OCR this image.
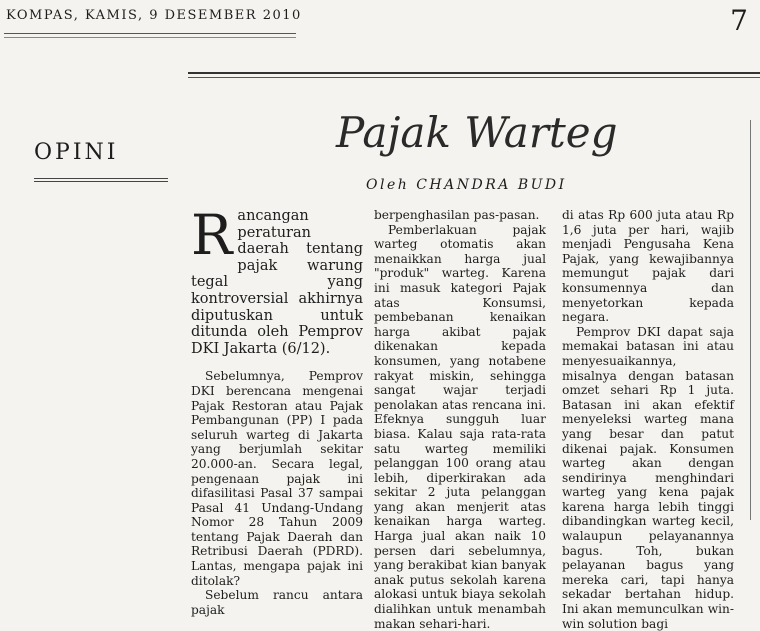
KOMPAS, KAMIS, 9 DESEMBER 2010	7
OPINI	Pajak Warteg
Oleh CHANDRA BUDI

Rancangan peraturan daerah tentang pajak warung tegal yang kontroversial akhirnya diputuskan untuk ditunda oleh Pemprov DKI Jakarta (6/12).

Sebelumnya, Pemprov DKI berencana mengenai Pajak Restoran atau Pajak Pembangunan (PP) I pada seluruh warteg di Jakarta yang berjumlah sekitar 20.000-an. Secara legal, pengenaan pajak ini difasilitasi Pasal 37 sampai Pasal 41 Undang-Undang Nomor 28 Tahun 2009 tentang Pajak Daerah dan Retribusi Daerah (PDRD). Lantas, mengapa pajak ini ditolak?

Sebelum rancu antara pajak

berpenghasilan pas-pasan.

Pemberlakuan pajak warteg otomatis akan menaikkan harga jual "produk" warteg. Karena ini masuk kategori Pajak atas Konsumsi, pembebanan kenaikan harga akibat pajak dikenakan kepada konsumen, yang notabene rakyat miskin, sehingga sangat wajar terjadi penolakan atas rencana ini. Efeknya sungguh luar biasa. Kalau saja rata-rata satu warteg memiliki pelanggan 100 orang atau lebih, diperkirakan ada sekitar 2 juta pelanggan yang akan menjerit atas kenaikan harga warteg. Harga jual akan naik 10 persen dari sebelumnya, yang berakibat kian banyak anak putus sekolah karena alokasi untuk biaya sekolah dialihkan untuk menambah makan sehari-hari.

di atas Rp 600 juta atau Rp 1,6 juta per hari, wajib menjadi Pengusaha Kena Pajak, yang kewajibannya memungut pajak dari konsumennya dan menyetorkan kepada negara.

Pemprov DKI dapat saja memakai batasan ini atau menyesuaikannya, misalnya dengan batasan omzet sehari Rp 1 juta. Batasan ini akan efektif menyeleksi warteg mana yang besar dan patut dikenai pajak. Konsumen warteg akan dengan sendirinya menghindari warteg yang kena pajak karena harga lebih tinggi dibandingkan warteg kecil, walaupun pelayanannya bagus. Toh, bukan pelayanan bagus yang mereka cari, tapi hanya sekadar bertahan hidup. Ini akan memunculkan win-win solution bagi
